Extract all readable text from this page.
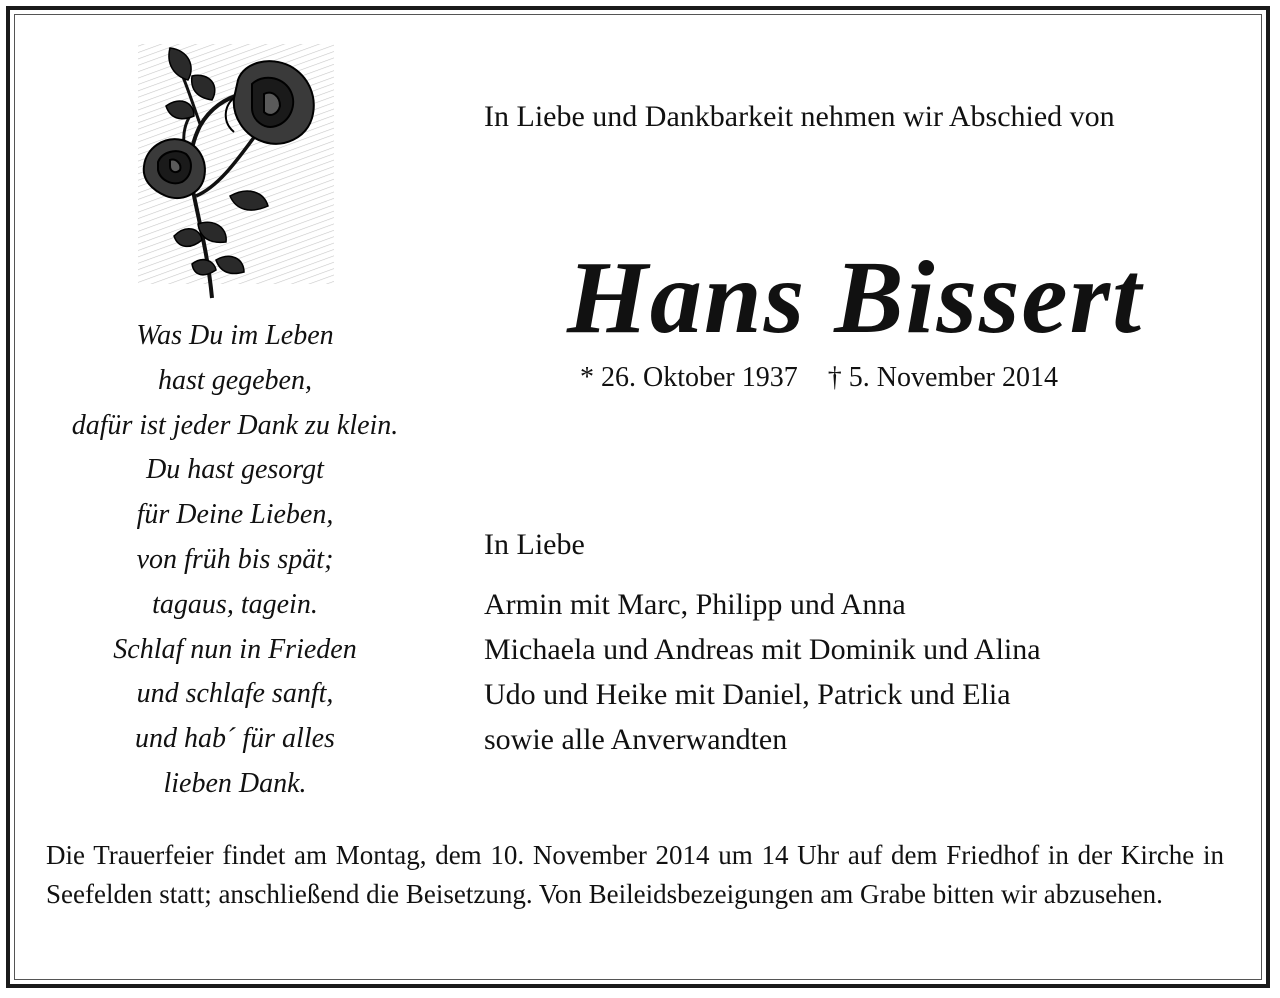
In Liebe und Dankbarkeit nehmen wir Abschied von
Hans Bissert
* 26. Oktober 1937 † 5. November 2014
Was Du im Leben
hast gegeben,
dafür ist jeder Dank zu klein.
Du hast gesorgt
für Deine Lieben,
von früh bis spät;
tagaus, tagein.
Schlaf nun in Frieden
und schlafe sanft,
und hab´ für alles
lieben Dank.
In Liebe
Armin mit Marc, Philipp und Anna
Michaela und Andreas mit Dominik und Alina
Udo und Heike mit Daniel, Patrick und Elia
sowie alle Anverwandten
Die Trauerfeier findet am Montag, dem 10. November 2014 um 14 Uhr auf dem Friedhof in der Kirche in Seefelden statt; anschließend die Beisetzung. Von Beileidsbezeigungen am Grabe bitten wir abzusehen.
